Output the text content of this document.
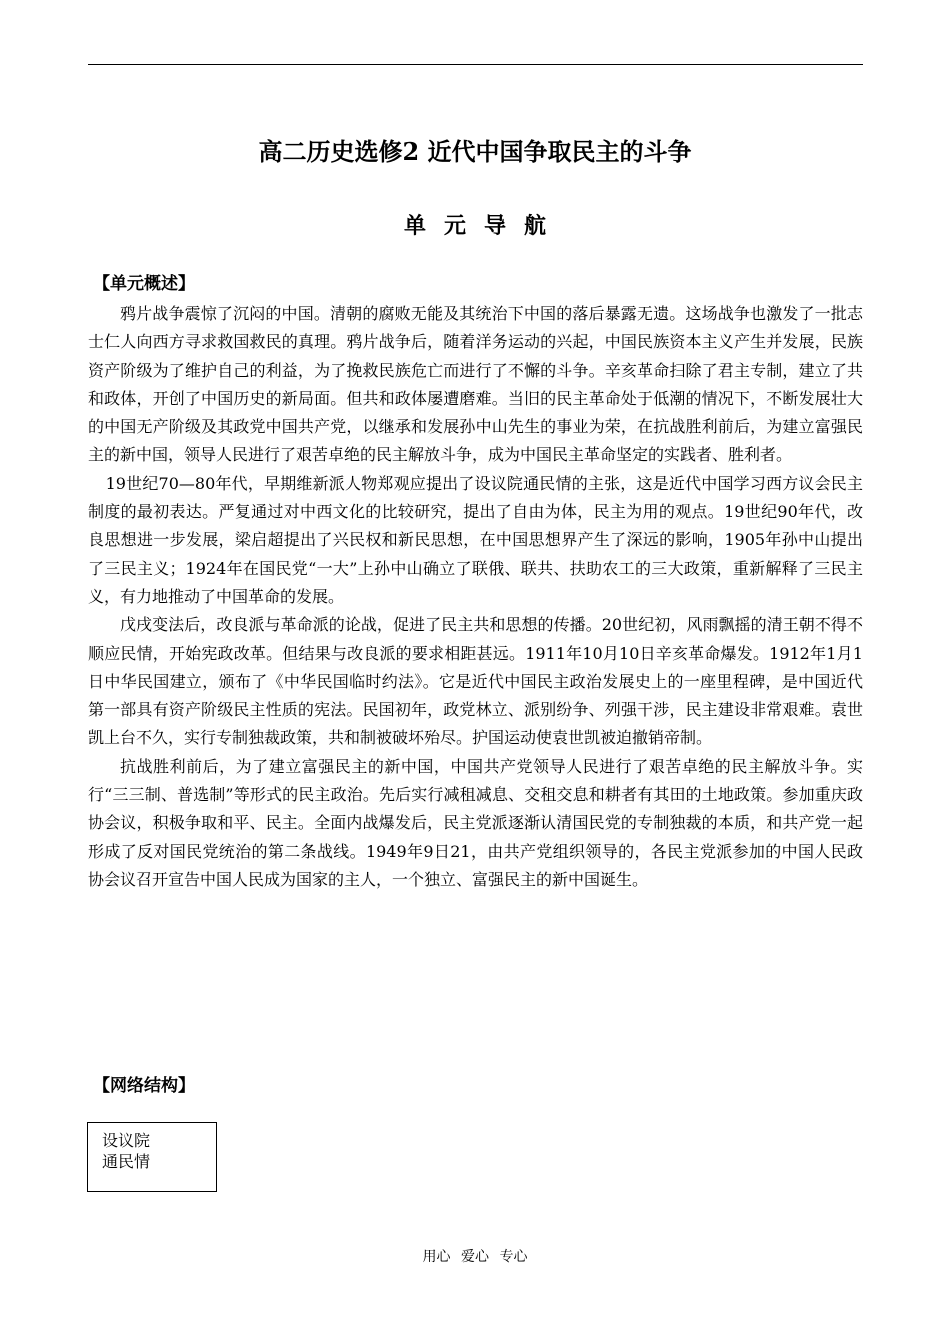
高二历史选修2 近代中国争取民主的斗争
单元导航
【单元概述】

鸦片战争震惊了沉闷的中国。清朝的腐败无能及其统治下中国的落后暴露无遗。这场战争也激发了一批志士仁人向西方寻求救国救民的真理。鸦片战争后，随着洋务运动的兴起，中国民族资本主义产生并发展，民族资产阶级为了维护自己的利益，为了挽救民族危亡而进行了不懈的斗争。辛亥革命扫除了君主专制，建立了共和政体，开创了中国历史的新局面。但共和政体屡遭磨难。当旧的民主革命处于低潮的情况下，不断发展壮大的中国无产阶级及其政党中国共产党，以继承和发展孙中山先生的事业为荣，在抗战胜利前后，为建立富强民主的新中国，领导人民进行了艰苦卓绝的民主解放斗争，成为中国民主革命坚定的实践者、胜利者。

19世纪70—80年代，早期维新派人物郑观应提出了设议院通民情的主张，这是近代中国学习西方议会民主制度的最初表达。严复通过对中西文化的比较研究，提出了自由为体，民主为用的观点。19世纪90年代，改良思想进一步发展，梁启超提出了兴民权和新民思想，在中国思想界产生了深远的影响，1905年孙中山提出了三民主义；1924年在国民党“一大”上孙中山确立了联俄、联共、扶助农工的三大政策，重新解释了三民主义，有力地推动了中国革命的发展。

戊戌变法后，改良派与革命派的论战，促进了民主共和思想的传播。20世纪初，风雨飘摇的清王朝不得不顺应民情，开始宪政改革。但结果与改良派的要求相距甚远。1911年10月10日辛亥革命爆发。1912年1月1日中华民国建立，颁布了《中华民国临时约法》。它是近代中国民主政治发展史上的一座里程碑，是中国近代第一部具有资产阶级民主性质的宪法。民国初年，政党林立、派别纷争、列强干涉，民主建设非常艰难。袁世凯上台不久，实行专制独裁政策，共和制被破坏殆尽。护国运动使袁世凯被迫撤销帝制。

抗战胜利前后，为了建立富强民主的新中国，中国共产党领导人民进行了艰苦卓绝的民主解放斗争。实行“三三制、普选制”等形式的民主政治。先后实行减租减息、交租交息和耕者有其田的土地政策。参加重庆政协会议，积极争取和平、民主。全面内战爆发后，民主党派逐渐认清国民党的专制独裁的本质，和共产党一起形成了反对国民党统治的第二条战线。1949年9日21，由共产党组织领导的，各民主党派参加的中国人民政协会议召开宣告中国人民成为国家的主人，一个独立、富强民主的新中国诞生。

【网络结构】
设议院
通民情
用心 爱心 专心
